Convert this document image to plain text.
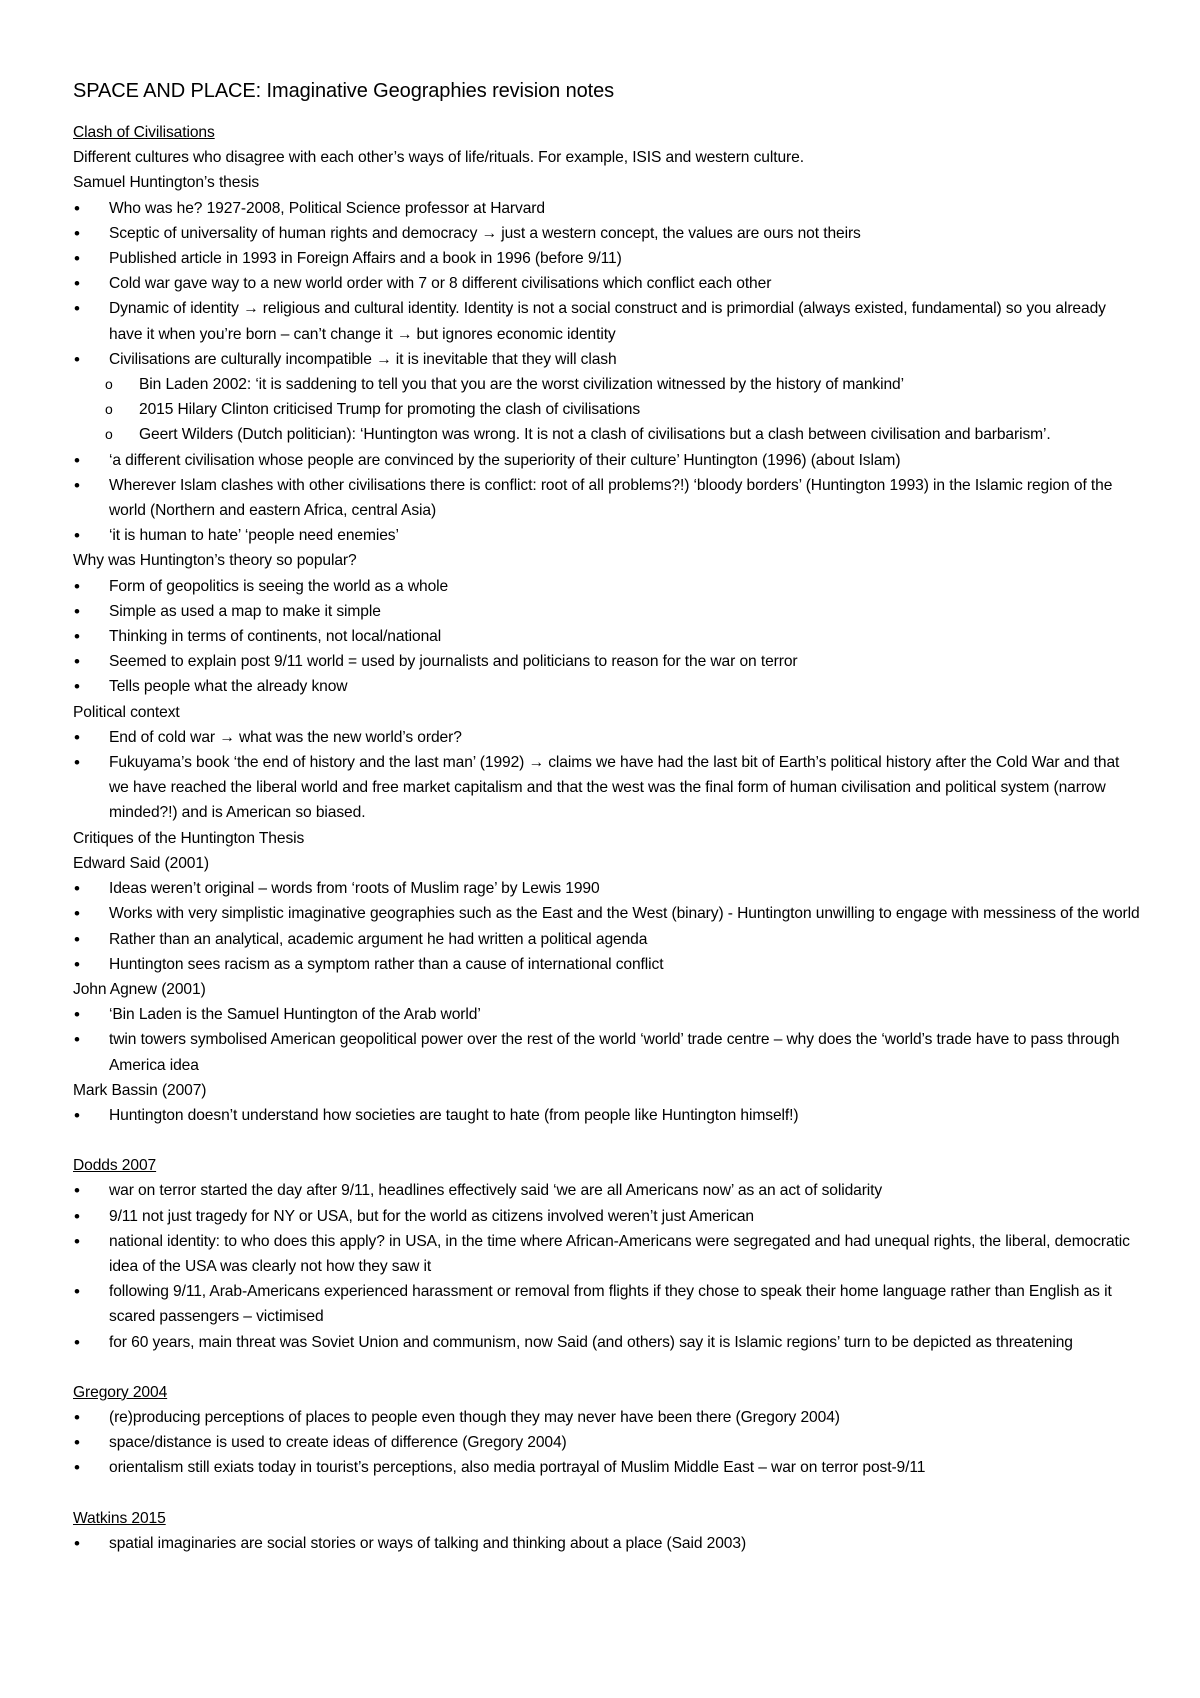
SPACE AND PLACE: Imaginative Geographies revision notes
Clash of Civilisations
Different cultures who disagree with each other’s ways of life/rituals. For example, ISIS and western culture.
Samuel Huntington’s thesis
• Who was he? 1927-2008, Political Science professor at Harvard
• Sceptic of universality of human rights and democracy → just a western concept, the values are ours not theirs
• Published article in 1993 in Foreign Affairs and a book in 1996 (before 9/11)
• Cold war gave way to a new world order with 7 or 8 different civilisations which conflict each other
• Dynamic of identity → religious and cultural identity. Identity is not a social construct and is primordial (always existed, fundamental) so you already have it when you’re born – can’t change it → but ignores economic identity
• Civilisations are culturally incompatible → it is inevitable that they will clash
o Bin Laden 2002: ‘it is saddening to tell you that you are the worst civilization witnessed by the history of mankind’
o 2015 Hilary Clinton criticised Trump for promoting the clash of civilisations
o Geert Wilders (Dutch politician): ‘Huntington was wrong. It is not a clash of civilisations but a clash between civilisation and barbarism’.
• ‘a different civilisation whose people are convinced by the superiority of their culture’ Huntington (1996) (about Islam)
• Wherever Islam clashes with other civilisations there is conflict: root of all problems?!) ‘bloody borders’ (Huntington 1993) in the Islamic region of the world (Northern and eastern Africa, central Asia)
• ‘it is human to hate’ ‘people need enemies’
Why was Huntington’s theory so popular?
• Form of geopolitics is seeing the world as a whole
• Simple as used a map to make it simple
• Thinking in terms of continents, not local/national
• Seemed to explain post 9/11 world = used by journalists and politicians to reason for the war on terror
• Tells people what the already know
Political context
• End of cold war → what was the new world’s order?
• Fukuyama’s book ‘the end of history and the last man’ (1992) → claims we have had the last bit of Earth’s political history after the Cold War and that we have reached the liberal world and free market capitalism and that the west was the final form of human civilisation and political system (narrow minded?!) and is American so biased.
Critiques of the Huntington Thesis
Edward Said (2001)
• Ideas weren’t original – words from ‘roots of Muslim rage’ by Lewis 1990
• Works with very simplistic imaginative geographies such as the East and the West (binary) - Huntington unwilling to engage with messiness of the world
• Rather than an analytical, academic argument he had written a political agenda
• Huntington sees racism as a symptom rather than a cause of international conflict
John Agnew (2001)
• ‘Bin Laden is the Samuel Huntington of the Arab world’
• twin towers symbolised American geopolitical power over the rest of the world ‘world’ trade centre – why does the ‘world’s trade have to pass through America idea
Mark Bassin (2007)
• Huntington doesn’t understand how societies are taught to hate (from people like Huntington himself!)
Dodds 2007
• war on terror started the day after 9/11, headlines effectively said ‘we are all Americans now’ as an act of solidarity
• 9/11 not just tragedy for NY or USA, but for the world as citizens involved weren’t just American
• national identity: to who does this apply? in USA, in the time where African-Americans were segregated and had unequal rights, the liberal, democratic idea of the USA was clearly not how they saw it
• following 9/11, Arab-Americans experienced harassment or removal from flights if they chose to speak their home language rather than English as it scared passengers – victimised
• for 60 years, main threat was Soviet Union and communism, now Said (and others) say it is Islamic regions’ turn to be depicted as threatening
Gregory 2004
• (re)producing perceptions of places to people even though they may never have been there (Gregory 2004)
• space/distance is used to create ideas of difference (Gregory 2004)
• orientalism still exiats today in tourist’s perceptions, also media portrayal of Muslim Middle East – war on terror post-9/11
Watkins 2015
• spatial imaginaries are social stories or ways of talking and thinking about a place (Said 2003)
